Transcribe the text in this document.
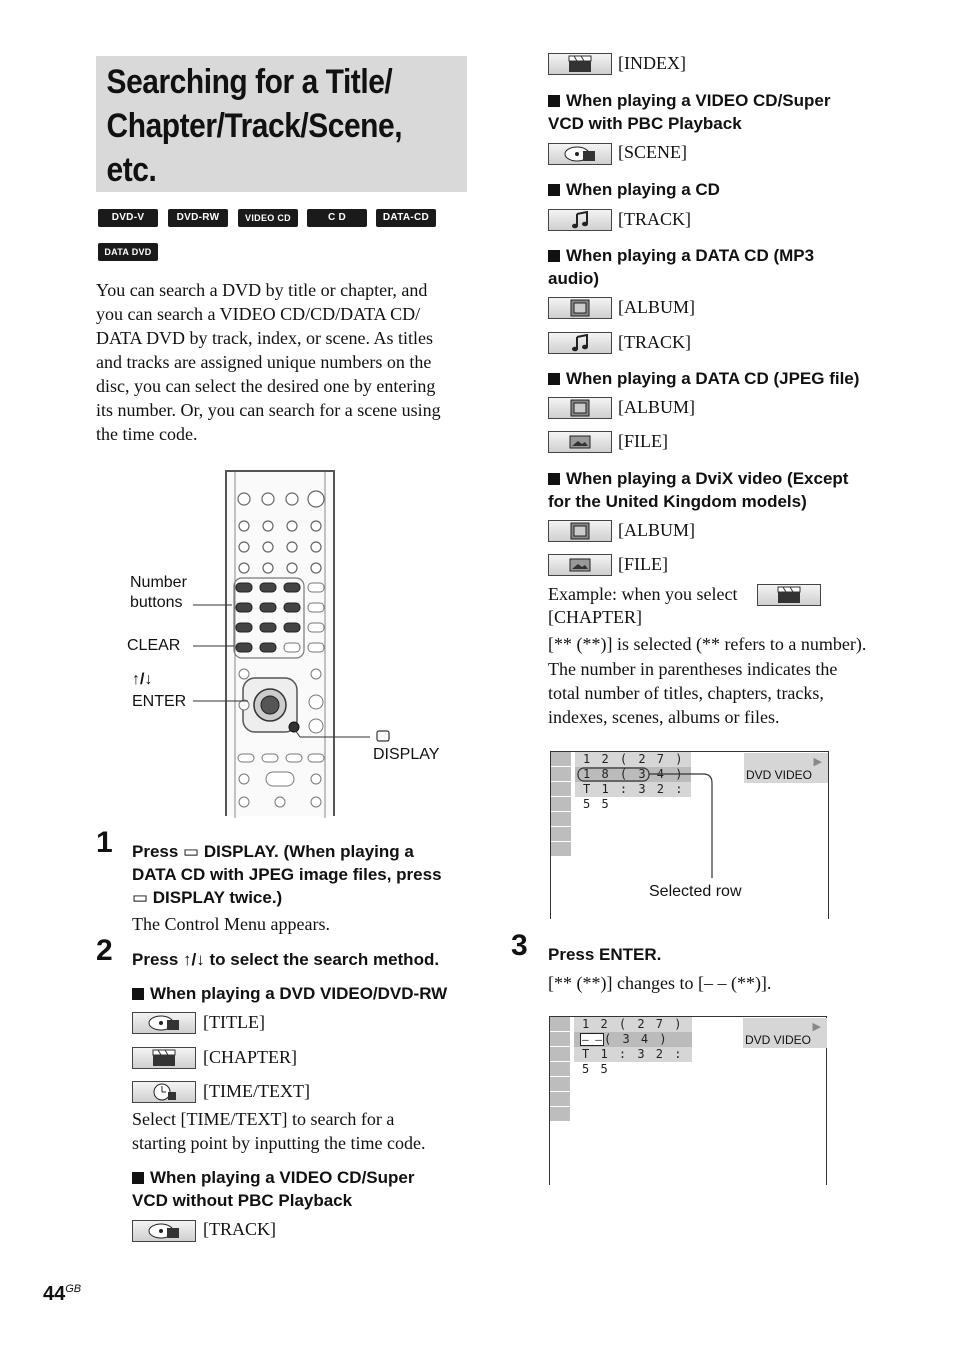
Searching for a Title/
Chapter/Track/Scene,
etc.
DVD-V	DVD-RW	VIDEO CD	C D	DATA-CD
DATA DVD
You can search a DVD by title or chapter, and
you can search a VIDEO CD/CD/DATA CD/
DATA DVD by track, index, or scene. As titles
and tracks are assigned unique numbers on the
disc, you can select the desired one by entering
its number. Or, you can search for a scene using
the time code.
Number
buttons
CLEAR
↑/↓
ENTER
DISPLAY
1 Press ▭ DISPLAY. (When playing a
DATA CD with JPEG image files, press
▭ DISPLAY twice.)
The Control Menu appears.
2 Press ↑/↓ to select the search method.
When playing a DVD VIDEO/DVD-RW
[TITLE]
[CHAPTER]
[TIME/TEXT]
Select [TIME/TEXT] to search for a
starting point by inputting the time code.
When playing a VIDEO CD/Super
VCD without PBC Playback
[TRACK]
$44^{GB}$
[INDEX]
When playing a VIDEO CD/Super
VCD with PBC Playback
[SCENE]
When playing a CD
[TRACK]
When playing a DATA CD (MP3
audio)
[ALBUM]
[TRACK]
When playing a DATA CD (JPEG file)
[ALBUM]
[FILE]
When playing a DviX video (Except
for the United Kingdom models)
[ALBUM]
[FILE]
Example: when you select
[CHAPTER]
[** (**)] is selected (** refers to a number).
The number in parentheses indicates the
total number of titles, chapters, tracks,
indexes, scenes, albums or files.
1 2 ( 2 7 )
1 8 ( 3 4 )
T 1 : 3 2 : 5 5
▶
DVD VIDEO
Selected row
3 Press ENTER.
[** (**)] changes to [– – (**)].
1 2 ( 2 7 )
– – ( 3 4 )
T 1 : 3 2 : 5 5
▶
DVD VIDEO
